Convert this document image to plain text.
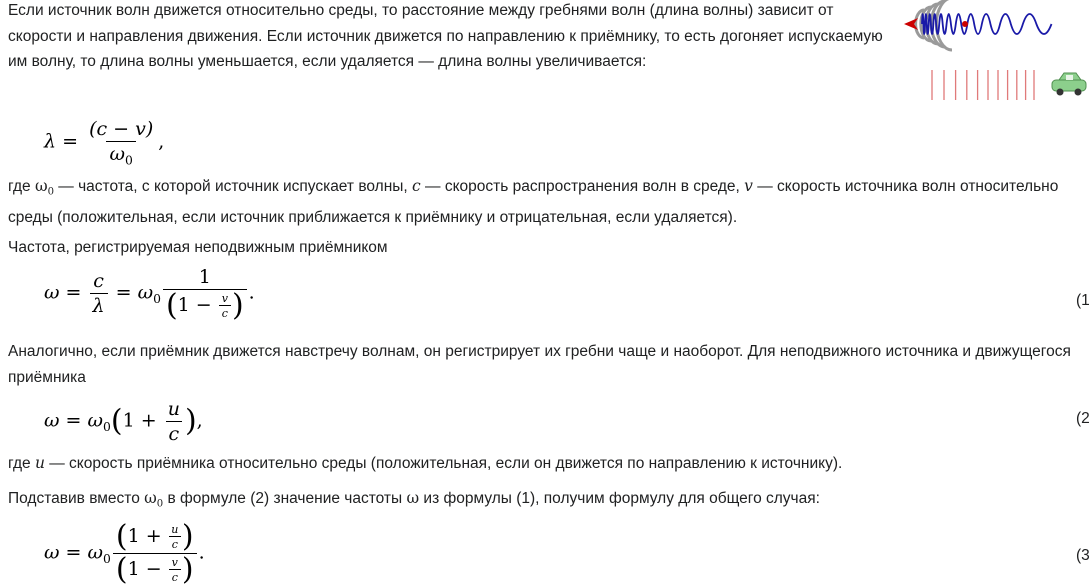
Если источник волн движется относительно среды, то расстояние между гребнями волн (длина волны) зависит от скорости и направления движения. Если источник движется по направлению к приёмнику, то есть догоняет испускаемую им волну, то длина волны уменьшается, если удаляется — длина волны увеличивается:

$\lambda = \frac{(c - v)}{\omega_0}$ ,

где $\omega_0$ — частота, с которой источник испускает волны, c — скорость распространения волн в среде, v — скорость источника волн относительно среды (положительная, если источник приближается к приёмнику и отрицательная, если удаляется).

Частота, регистрируемая неподвижным приёмником

$\omega = \frac{c}{\lambda} = \omega_0 \frac{1}{(1 - \frac{v}{c} )}$ .	(1

Аналогично, если приёмник движется навстречу волнам, он регистрирует их гребни чаще и наоборот. Для неподвижного источника и движущегося приёмника

$\omega = \omega_0(1 + \frac{u}{c}$ ),	(2

где u — скорость приёмника относительно среды (положительная, если он движется по направлению к источнику).

Подставив вместо $\omega_0$ в формуле (2) значение частоты ω из формулы (1), получим формулу для общего случая:

$\omega = \omega_0 \frac{(1 + \frac{u}{c} )}{(1 - \frac{v}{c} )}$ .	(3
